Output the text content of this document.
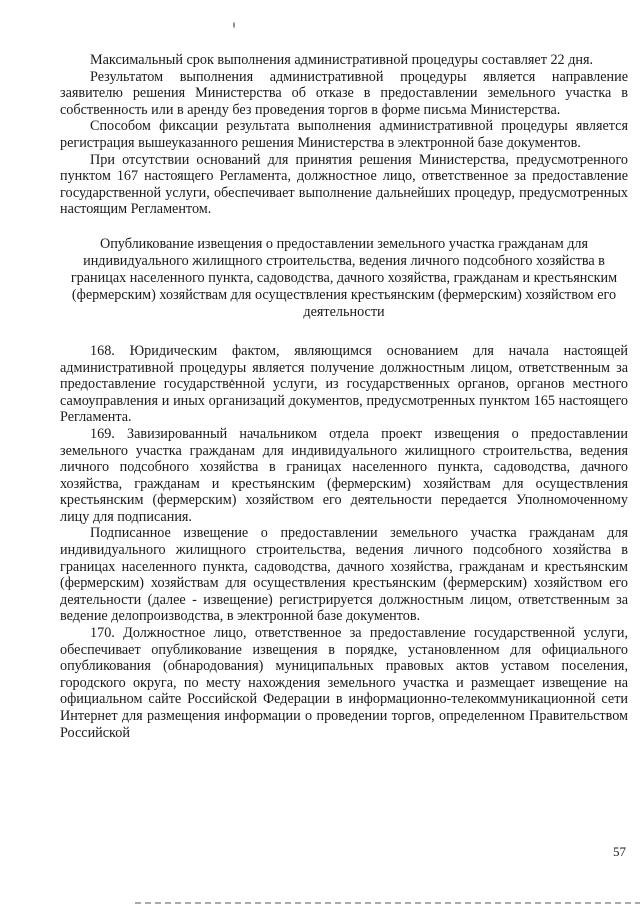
Максимальный срок выполнения административной процедуры составляет 22 дня.

Результатом выполнения административной процедуры является направление заявителю решения Министерства об отказе в предоставлении земельного участка в собственность или в аренду без проведения торгов в форме письма Министерства.

Способом фиксации результата выполнения административной процедуры является регистрация вышеуказанного решения Министерства в электронной базе документов.

При отсутствии оснований для принятия решения Министерства, предусмотренного пунктом 167 настоящего Регламента, должностное лицо, ответственное за предоставление государственной услуги, обеспечивает выполнение дальнейших процедур, предусмотренных настоящим Регламентом.

Опубликование извещения о предоставлении земельного участка гражданам для индивидуального жилищного строительства, ведения личного подсобного хозяйства в границах населенного пункта, садоводства, дачного хозяйства, гражданам и крестьянским (фермерским) хозяйствам для осуществления крестьянским (фермерским) хозяйством его деятельности

168. Юридическим фактом, являющимся основанием для начала настоящей административной процедуры является получение должностным лицом, ответственным за предоставление государственной услуги, из государственных органов, органов местного самоуправления и иных организаций документов, предусмотренных пунктом 165 настоящего Регламента.

169. Завизированный начальником отдела проект извещения о предоставлении земельного участка гражданам для индивидуального жилищного строительства, ведения личного подсобного хозяйства в границах населенного пункта, садоводства, дачного хозяйства, гражданам и крестьянским (фермерским) хозяйствам для осуществления крестьянским (фермерским) хозяйством его деятельности передается Уполномоченному лицу для подписания.

Подписанное извещение о предоставлении земельного участка гражданам для индивидуального жилищного строительства, ведения личного подсобного хозяйства в границах населенного пункта, садоводства, дачного хозяйства, гражданам и крестьянским (фермерским) хозяйствам для осуществления крестьянским (фермерским) хозяйством его деятельности (далее - извещение) регистрируется должностным лицом, ответственным за ведение делопроизводства, в электронной базе документов.

170. Должностное лицо, ответственное за предоставление государственной услуги, обеспечивает опубликование извещения в порядке, установленном для официального опубликования (обнародования) муниципальных правовых актов уставом поселения, городского округа, по месту нахождения земельного участка и размещает извещение на официальном сайте Российской Федерации в информационно-телекоммуникационной сети Интернет для размещения информации о проведении торгов, определенном Правительством Российской

57
